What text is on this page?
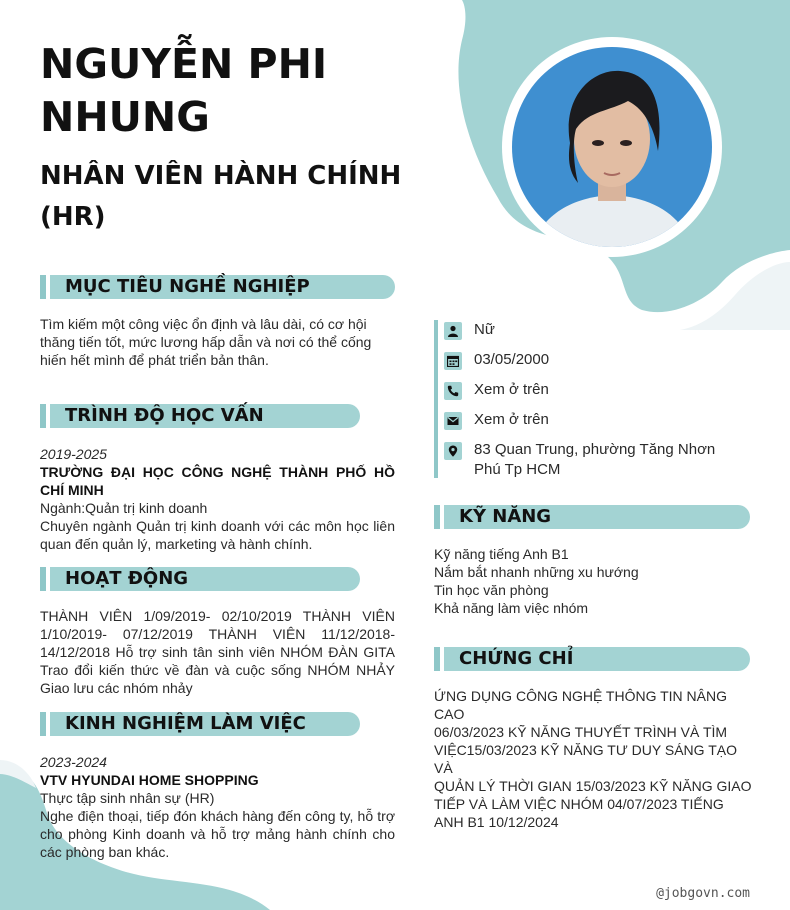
NGUYỄN PHI
NHUNG
NHÂN VIÊN HÀNH CHÍNH
(HR)
MỤC TIÊU NGHỀ NGHIỆP
Tìm kiếm một công việc ổn định và lâu dài, có cơ hội
thăng tiến tốt, mức lương hấp dẫn và nơi có thể cống
hiến hết mình để phát triển bản thân.
TRÌNH ĐỘ HỌC VẤN
2019-2025
TRƯỜNG ĐẠI HỌC CÔNG NGHỆ THÀNH PHỐ HỒ CHÍ MINH
Ngành:Quản trị kinh doanh
Chuyên ngành Quản trị kinh doanh với các môn học liên quan đến quản lý, marketing và hành chính.
HOẠT ĐỘNG
THÀNH VIÊN 1/09/2019- 02/10/2019 THÀNH VIÊN 1/10/2019- 07/12/2019 THÀNH VIÊN 11/12/2018- 14/12/2018 Hỗ trợ sinh tân sinh viên NHÓM ĐÀN GITA Trao đổi kiến thức về đàn và cuộc sống NHÓM NHẢY Giao lưu các nhóm nhảy
KINH NGHIỆM LÀM VIỆC
2023-2024
VTV HYUNDAI HOME SHOPPING
Thực tập sinh nhân sự (HR)
Nghe điện thoại, tiếp đón khách hàng đến công ty, hỗ trợ cho phòng Kinh doanh và hỗ trợ mảng hành chính cho các phòng ban khác.
Nữ
03/05/2000
Xem ở trên
Xem ở trên
83 Quan Trung, phường Tăng Nhơn Phú Tp HCM
KỸ NĂNG
Kỹ năng tiếng Anh B1
Nắm bắt nhanh những xu hướng
Tin học văn phòng
Khả năng làm việc nhóm
CHỨNG CHỈ
ỨNG DỤNG CÔNG NGHỆ THÔNG TIN NÂNG CAO
06/03/2023 KỸ NĂNG THUYẾT TRÌNH VÀ TÌM
VIỆC15/03/2023 KỸ NĂNG TƯ DUY SÁNG TẠO VÀ
QUẢN LÝ THỜI GIAN 15/03/2023 KỸ NĂNG GIAO
TIẾP VÀ LÀM VIỆC NHÓM 04/07/2023 TIẾNG
ANH B1 10/12/2024
@jobgovn.com
